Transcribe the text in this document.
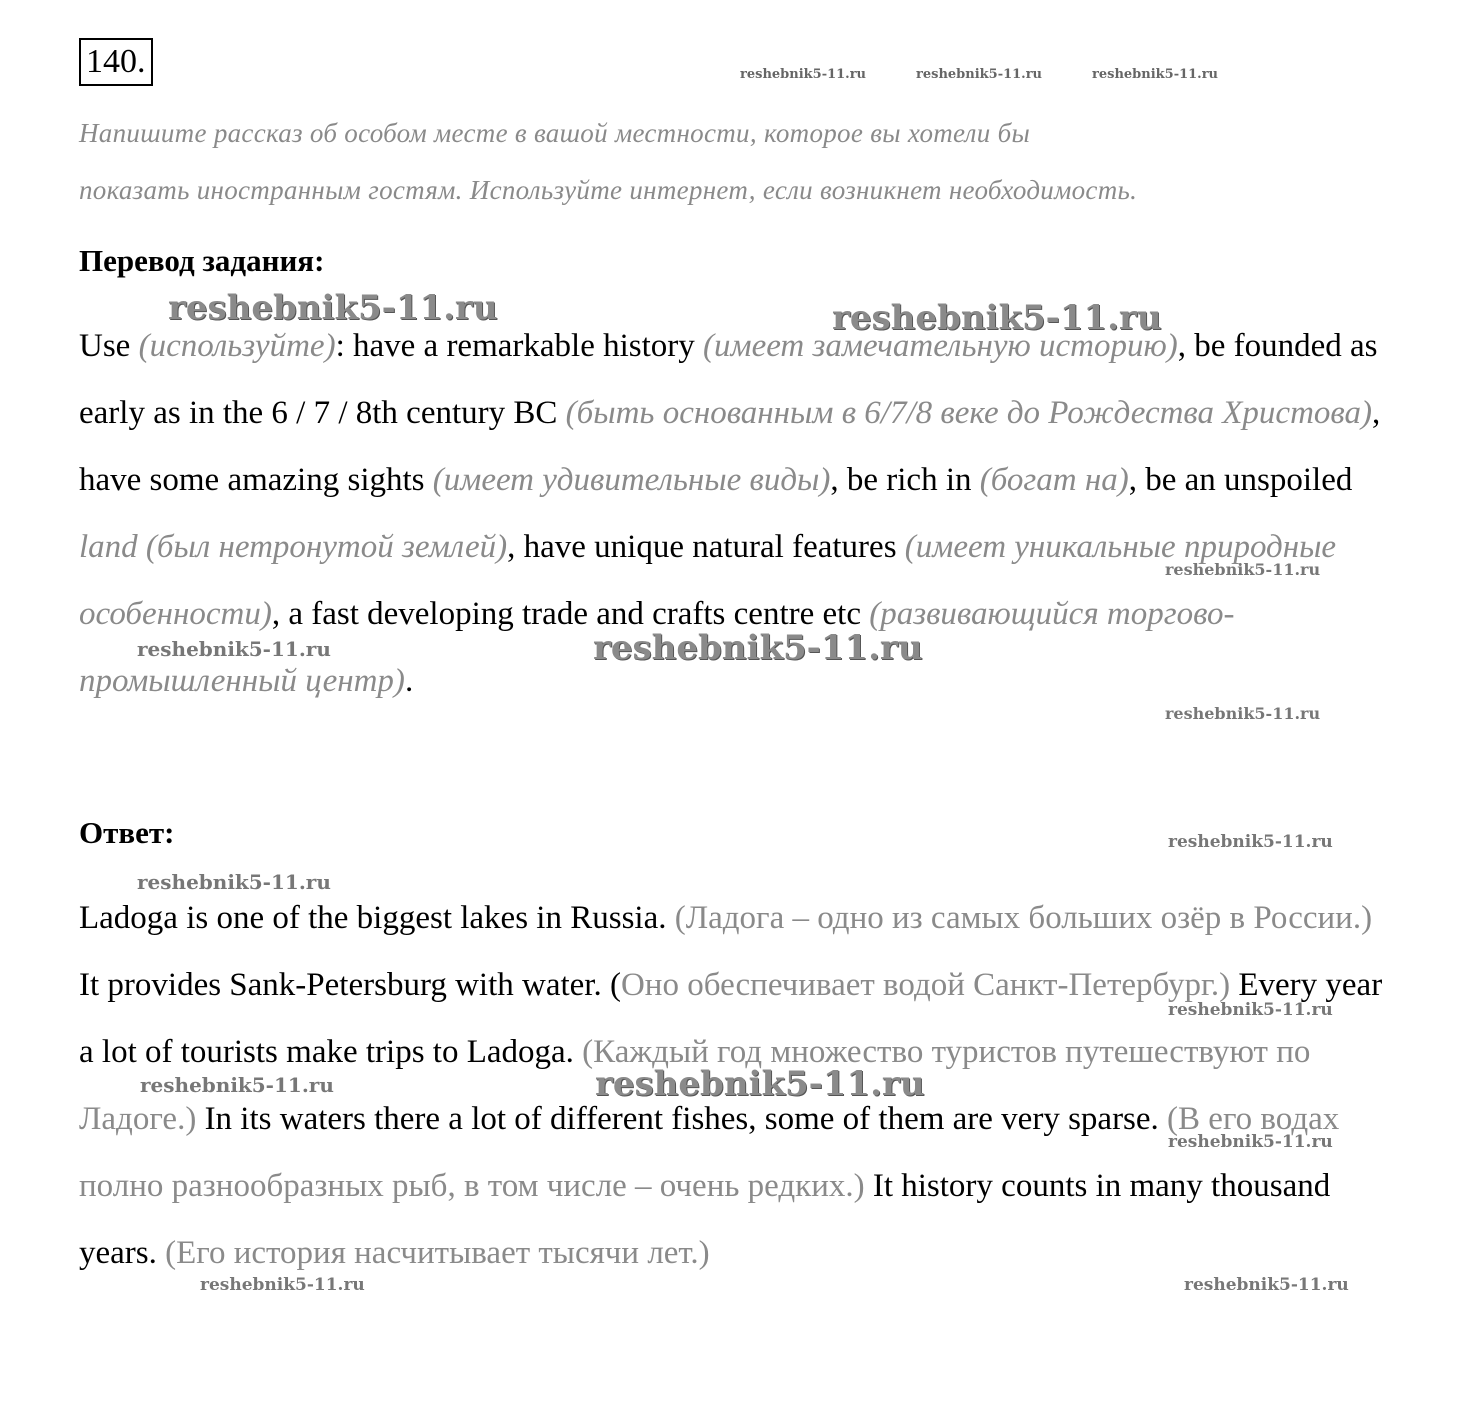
140.	reshebnik5-11.ru	reshebnik5-11.ru	reshebnik5-11.ru
Напишите рассказ об особом месте в вашой местности, которое вы хотели бы
показать иностранным гостям. Используйте интернет, если возникнет необходимость.
Перевод задания:
reshebnik5-11.ru	reshebnik5-11.ru
Use (используйте): have a remarkable history (имеет замечательную историю), be founded as early as in the 6 / 7 / 8th century BC (быть основанным в 6/7/8 веке до Рождества Христова), have some amazing sights (имеет удивительные виды), be rich in (богат на), be an unspoiled land (был нетронутой землей), have unique natural features (имеет уникальные природные особенности), a fast developing trade and crafts centre etc (развивающийся торгово-промышленный центр).
reshebnik5-11.ru
reshebnik5-11.ru	reshebnik5-11.ru
reshebnik5-11.ru
Ответ:	reshebnik5-11.ru
reshebnik5-11.ru
Ladoga is one of the biggest lakes in Russia. (Ладога – одно из самых больших озёр в России.) It provides Sank-Petersburg with water. (Оно обеспечивает водой Санкт-Петербург.) Every year a lot of tourists make trips to Ladoga. (Каждый год множество туристов путешествуют по Ладоге.) In its waters there a lot of different fishes, some of them are very sparse. (В его водах полно разнообразных рыб, в том числе – очень редких.) It history counts in many thousand years. (Его история насчитывает тысячи лет.)
reshebnik5-11.ru
reshebnik5-11.ru	reshebnik5-11.ru
reshebnik5-11.ru
reshebnik5-11.ru	reshebnik5-11.ru
